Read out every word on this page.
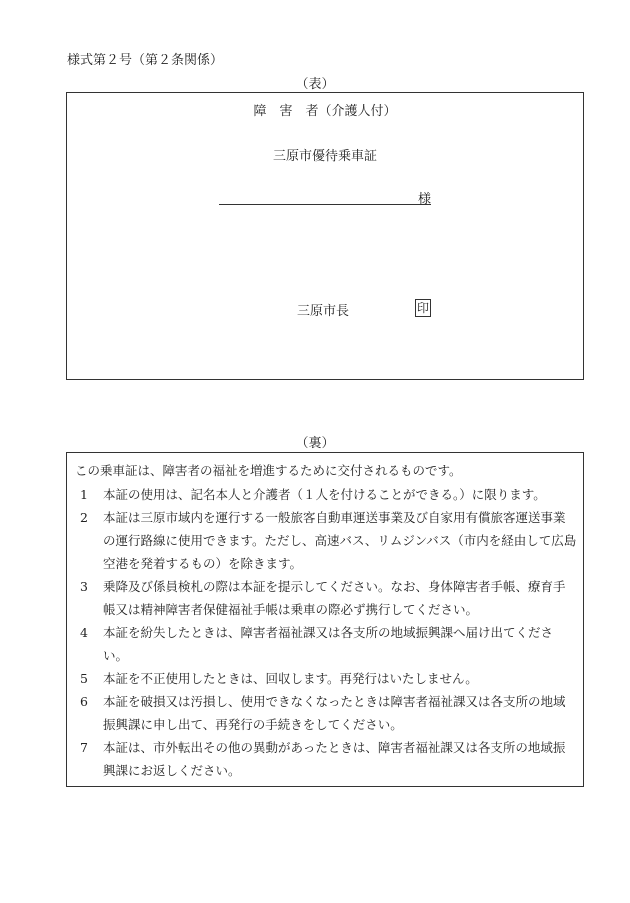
様式第２号（第２条関係）
（表）
障　害　者（介護人付）
三原市優待乗車証
様
三原市長	印
（裏）
この乗車証は、障害者の福祉を増進するために交付されるものです。
1 本証の使用は、記名本人と介護者（１人を付けることができる。）に限ります。
2 本証は三原市域内を運行する一般旅客自動車運送事業及び自家用有償旅客運送事業の運行路線に使用できます。ただし、高速バス、リムジンバス（市内を経由して広島空港を発着するもの）を除きます。
3 乗降及び係員検札の際は本証を提示してください。なお、身体障害者手帳、療育手帳又は精神障害者保健福祉手帳は乗車の際必ず携行してください。
4 本証を紛失したときは、障害者福祉課又は各支所の地域振興課へ届け出てください。
5 本証を不正使用したときは、回収します。再発行はいたしません。
6 本証を破損又は汚損し、使用できなくなったときは障害者福祉課又は各支所の地域振興課に申し出て、再発行の手続きをしてください。
7 本証は、市外転出その他の異動があったときは、障害者福祉課又は各支所の地域振興課にお返しください。
